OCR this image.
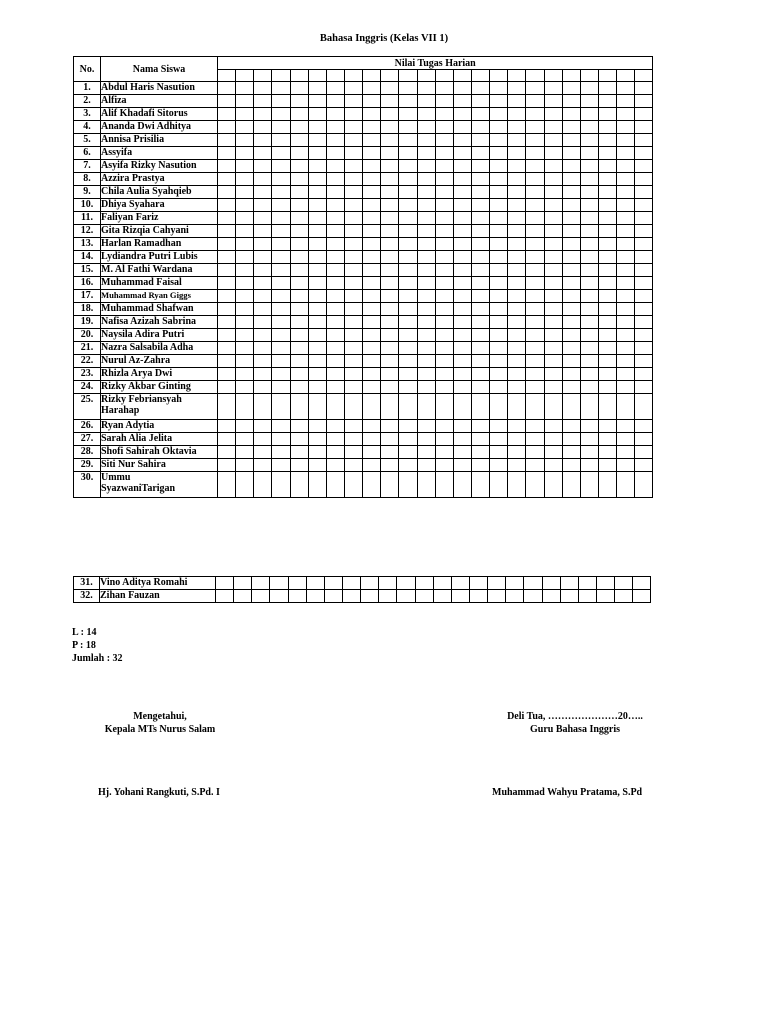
Bahasa Inggris (Kelas VII 1)
No.	Nama Siswa	Nilai Tugas Harian																							

1.	Abdul Haris Nasution																								
2.	Alfiza																								
3.	Alif Khadafi Sitorus																								
4.	Ananda Dwi Adhitya																								
5.	Annisa Prisilia																								
6.	Assyifa																								
7.	Asyifa Rizky Nasution																								
8.	Azzira Prastya																								
9.	Chila Aulia Syahqieb																								
10.	Dhiya Syahara																								
11.	Faliyan Fariz																								
12.	Gita Rizqia Cahyani																								
13.	Harlan Ramadhan																								
14.	Lydiandra Putri Lubis																								
15.	M. Al Fathi Wardana																								
16.	Muhammad Faisal																								
17.	Muhammad Ryan Giggs																								
18.	Muhammad Shafwan																								
19.	Nafisa Azizah Sabrina																								
20.	Naysila Adira Putri																								
21.	Nazra Salsabila Adha																								
22.	Nurul Az-Zahra																								
23.	Rhizla Arya Dwi																								
24.	Rizky Akbar Ginting																								
25.	Rizky Febriansyah
Harahap																								
26.	Ryan Adytia																								
27.	Sarah Alia Jelita																								
28.	Shofi Sahirah Oktavia																								
29.	Siti Nur Sahira																								
30.	Ummu
SyazwaniTarigan																								
31.	Vino Aditya Romahi																								
32.	Zihan Fauzan																								
L : 14
P : 18
Jumlah : 32
Mengetahui,
Kepala MTs Nurus Salam
Hj. Yohani Rangkuti, S.Pd. I
Deli Tua, …………………20…..
Guru Bahasa Inggris
Muhammad Wahyu Pratama, S.Pd
